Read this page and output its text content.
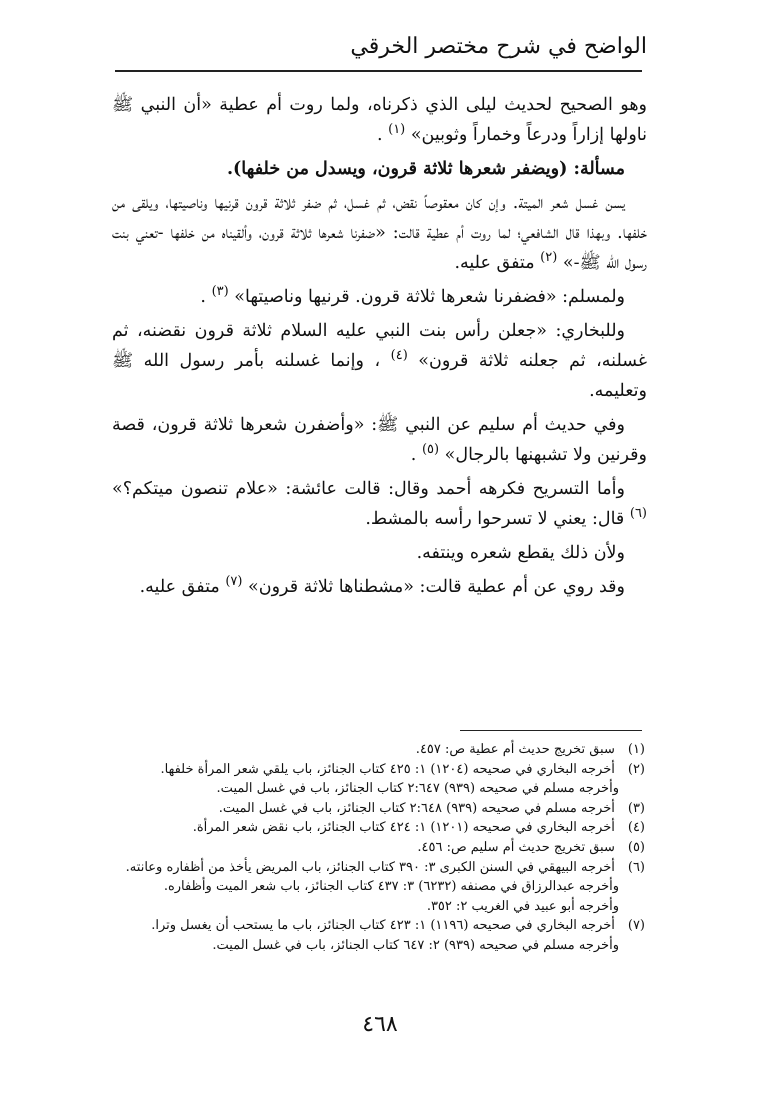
الواضح في شرح مختصر الخرقي

وهو الصحيح لحديث ليلى الذي ذكرناه، ولما روت أم عطية «أن النبي ﷺ ناولها إزاراً ودرعاً وخماراً وثوبين» $^{(١)}$ .

مسألة: (ويضفر شعرها ثلاثة قرون، ويسدل من خلفها).

يسن غسل شعر الميتة. وإن كان معقوصاً نقض، ثم غسل، ثم ضفر ثلاثة قرون قرنيها وناصيتها، ويلقى من خلفها. وبهذا قال الشافعي؛ لما روت أم عطية قالت: «ضفرنا شعرها ثلاثة قرون، وألقيناه من خلفها -تعني بنت رسول الله ﷺ-» $^{(٢)}$ متفق عليه.

ولمسلم: «فضفرنا شعرها ثلاثة قرون. قرنيها وناصيتها» $^{(٣)}$ .

وللبخاري: «جعلن رأس بنت النبي عليه السلام ثلاثة قرون نقضنه، ثم غسلنه، ثم جعلنه ثلاثة قرون» $^{(٤)}$ ، وإنما غسلنه بأمر رسول الله ﷺ وتعليمه.

وفي حديث أم سليم عن النبي ﷺ: «وأضفرن شعرها ثلاثة قرون، قصة وقرنين ولا تشبهنها بالرجال» $^{(٥)}$ .

وأما التسريح فكرهه أحمد وقال: قالت عائشة: «علام تنصون ميتكم؟» $^{(٦)}$ قال: يعني لا تسرحوا رأسه بالمشط.

ولأن ذلك يقطع شعره وينتفه.

وقد روي عن أم عطية قالت: «مشطناها ثلاثة قرون» $^{(٧)}$ متفق عليه.

(١) سبق تخريج حديث أم عطية ص: ٤٥٧.

(٢) أخرجه البخاري في صحيحه (١٢٠٤) ١: ٤٢٥ كتاب الجنائز، باب يلقي شعر المرأة خلفها.

وأخرجه مسلم في صحيحه (٩٣٩) ٢:٦٤٧ كتاب الجنائز، باب في غسل الميت.

(٣) أخرجه مسلم في صحيحه (٩٣٩) ٢:٦٤٨ كتاب الجنائز، باب في غسل الميت.

(٤) أخرجه البخاري في صحيحه (١٢٠١) ١: ٤٢٤ كتاب الجنائز، باب نقض شعر المرأة.

(٥) سبق تخريج حديث أم سليم ص: ٤٥٦.

(٦) أخرجه البيهقي في السنن الكبرى ٣: ٣٩٠ كتاب الجنائز، باب المريض يأخذ من أظفاره وعانته.

وأخرجه عبدالرزاق في مصنفه (٦٢٣٢) ٣: ٤٣٧ كتاب الجنائز، باب شعر الميت وأظفاره.

وأخرجه أبو عبيد في الغريب ٢: ٣٥٢.

(٧) أخرجه البخاري في صحيحه (١١٩٦) ١: ٤٢٣ كتاب الجنائز، باب ما يستحب أن يغسل وترا.

وأخرجه مسلم في صحيحه (٩٣٩) ٢: ٦٤٧ كتاب الجنائز، باب في غسل الميت.

٤٦٨
